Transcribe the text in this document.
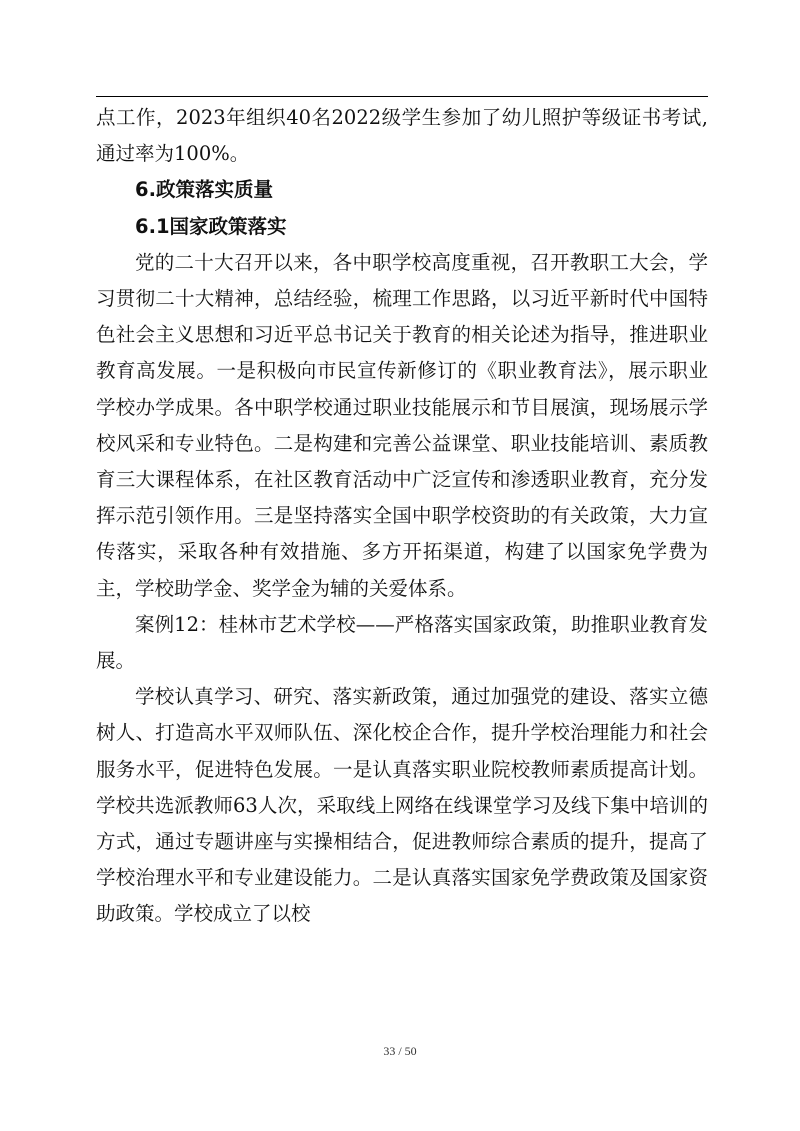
点工作，2023年组织40名2022级学生参加了幼儿照护等级证书考试,通过率为100%。

6.政策落实质量

6.1国家政策落实

党的二十大召开以来，各中职学校高度重视，召开教职工大会，学习贯彻二十大精神，总结经验，梳理工作思路，以习近平新时代中国特色社会主义思想和习近平总书记关于教育的相关论述为指导，推进职业教育高发展。一是积极向市民宣传新修订的《职业教育法》，展示职业学校办学成果。各中职学校通过职业技能展示和节目展演，现场展示学校风采和专业特色。二是构建和完善公益课堂、职业技能培训、素质教育三大课程体系，在社区教育活动中广泛宣传和渗透职业教育，充分发挥示范引领作用。三是坚持落实全国中职学校资助的有关政策，大力宣传落实，采取各种有效措施、多方开拓渠道，构建了以国家免学费为主，学校助学金、奖学金为辅的关爱体系。

案例12：桂林市艺术学校——严格落实国家政策，助推职业教育发展。

学校认真学习、研究、落实新政策，通过加强党的建设、落实立德树人、打造高水平双师队伍、深化校企合作，提升学校治理能力和社会服务水平，促进特色发展。一是认真落实职业院校教师素质提高计划。学校共选派教师63人次，采取线上网络在线课堂学习及线下集中培训的方式，通过专题讲座与实操相结合，促进教师综合素质的提升，提高了学校治理水平和专业建设能力。二是认真落实国家免学费政策及国家资助政策。学校成立了以校

33 / 50
